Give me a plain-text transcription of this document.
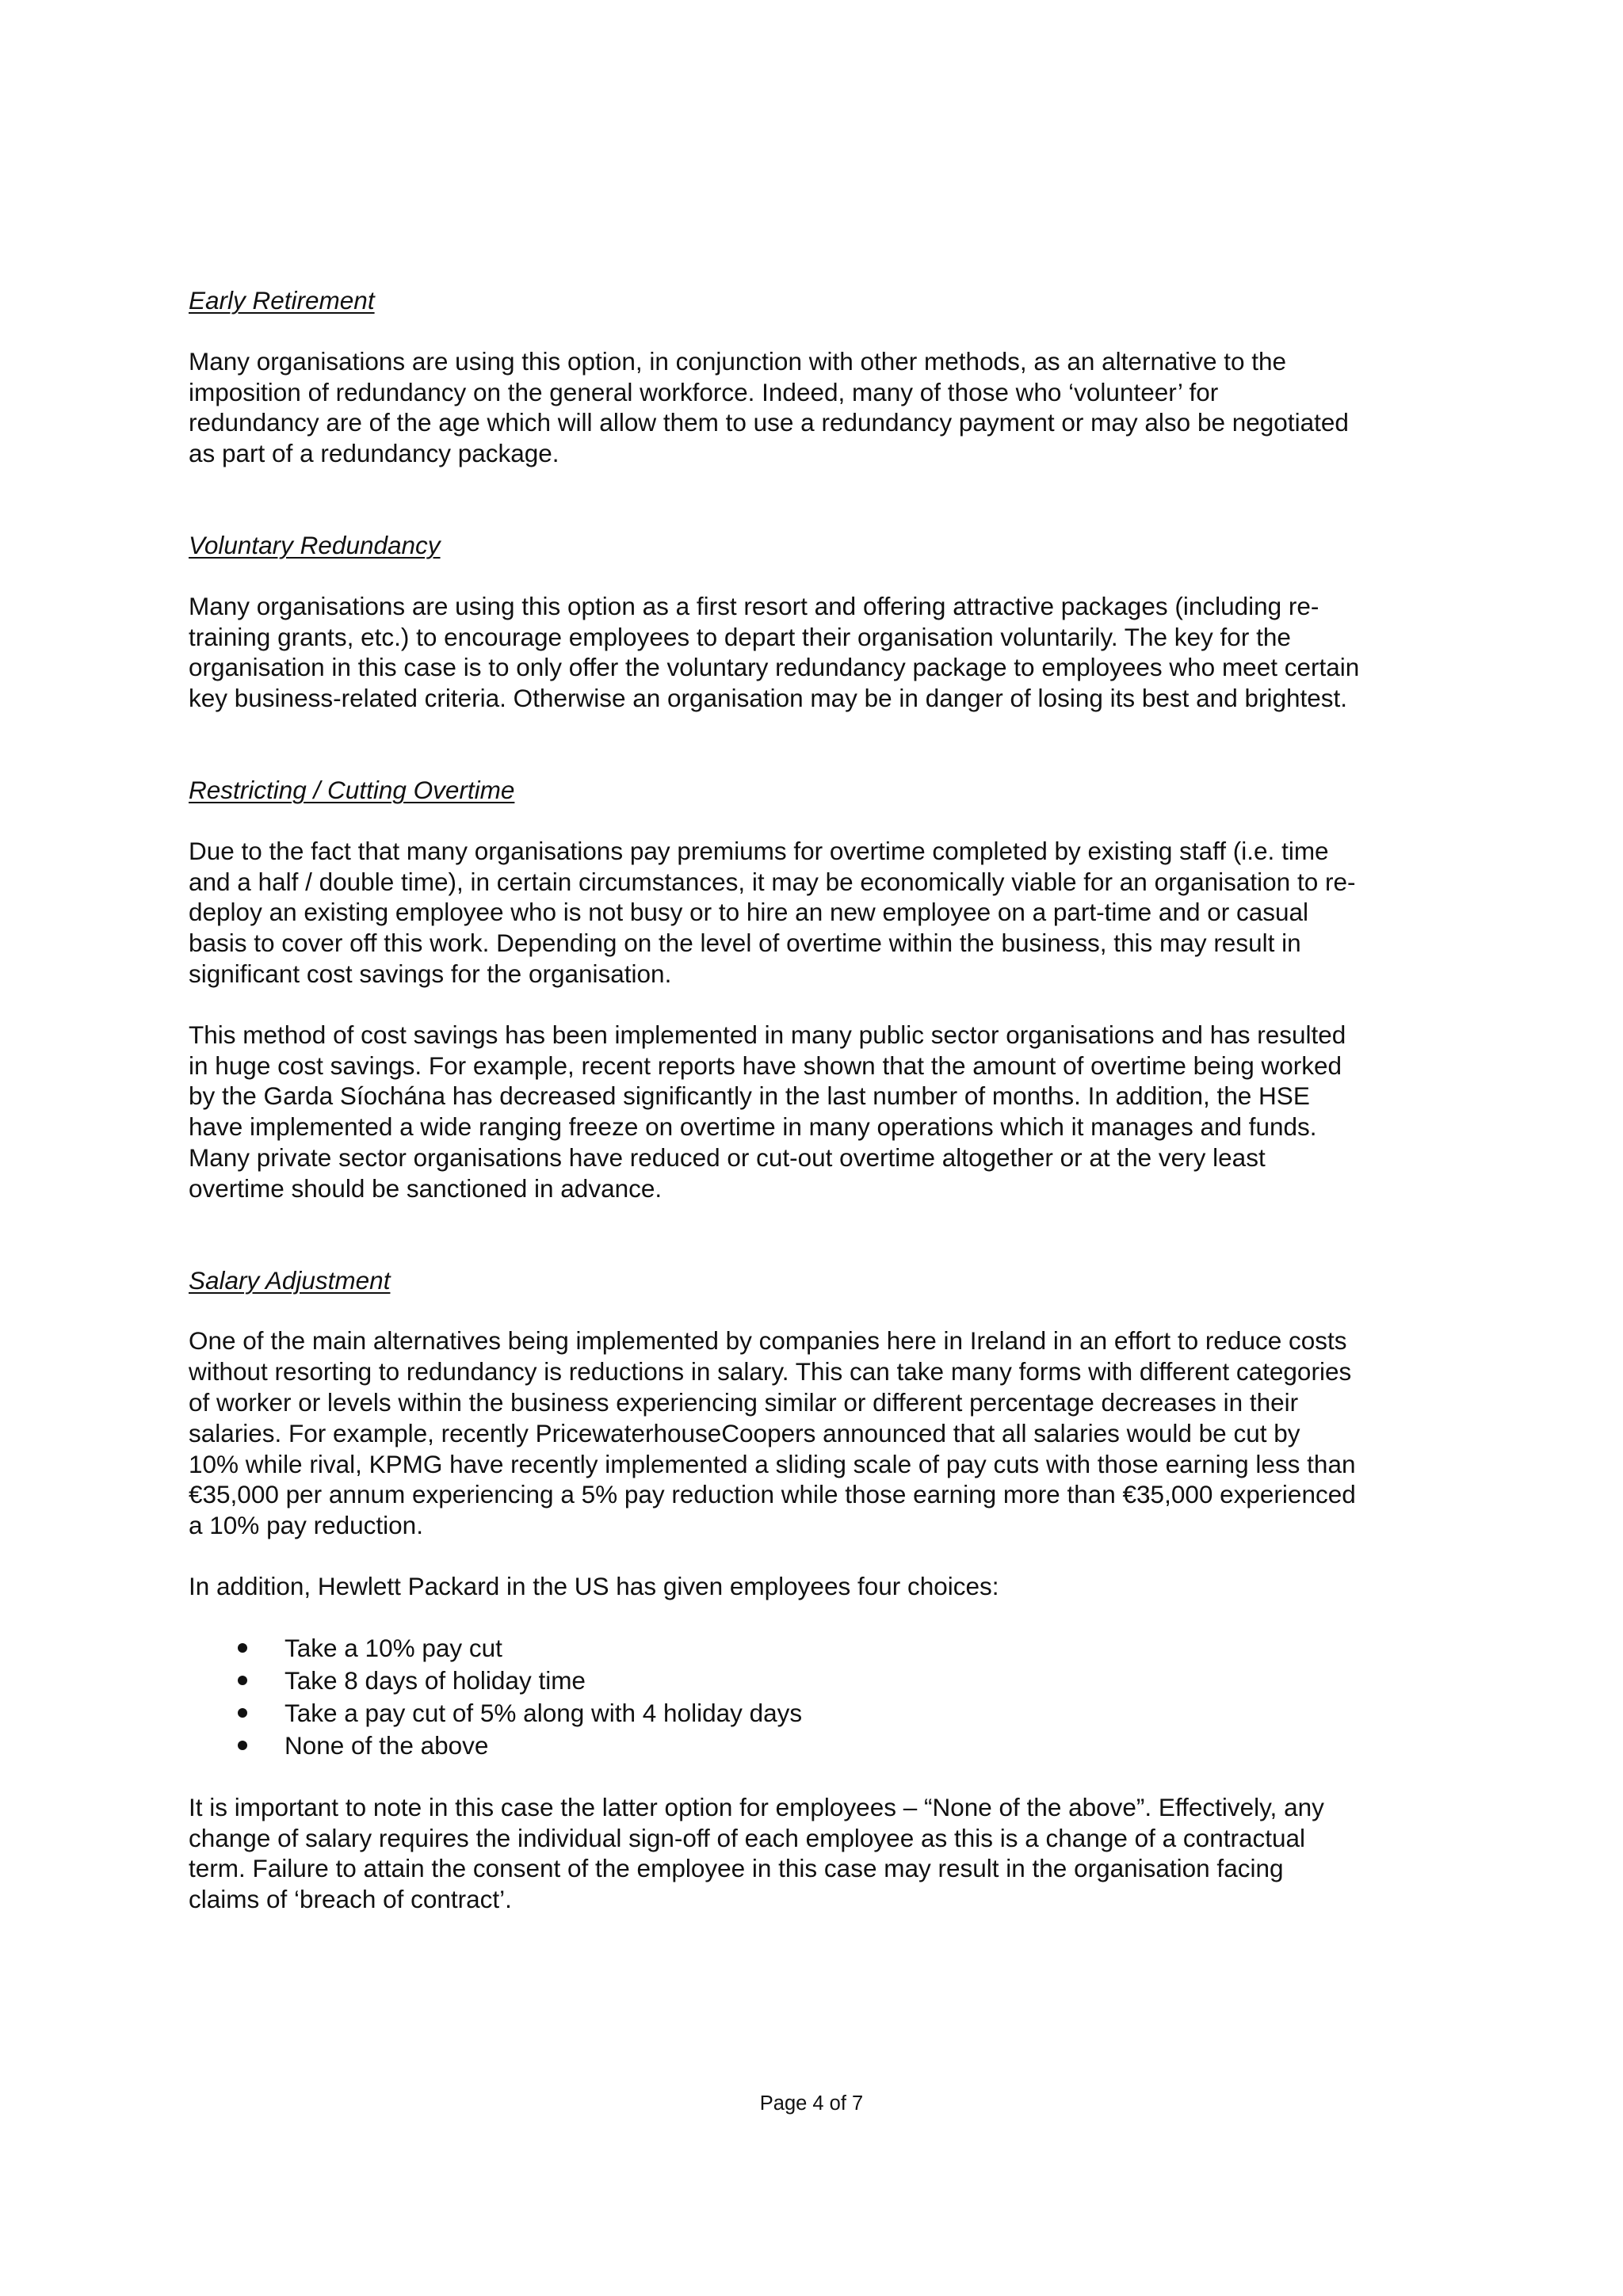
Early Retirement

Many organisations are using this option, in conjunction with other methods, as an alternative to the
imposition of redundancy on the general workforce. Indeed, many of those who ‘volunteer’ for
redundancy are of the age which will allow them to use a redundancy payment or may also be negotiated
as part of a redundancy package.

Voluntary Redundancy

Many organisations are using this option as a first resort and offering attractive packages (including re-
training grants, etc.) to encourage employees to depart their organisation voluntarily. The key for the
organisation in this case is to only offer the voluntary redundancy package to employees who meet certain
key business-related criteria. Otherwise an organisation may be in danger of losing its best and brightest.

Restricting / Cutting Overtime

Due to the fact that many organisations pay premiums for overtime completed by existing staff (i.e. time
and a half / double time), in certain circumstances, it may be economically viable for an organisation to re-
deploy an existing employee who is not busy or to hire an new employee on a part-time and or casual
basis to cover off this work. Depending on the level of overtime within the business, this may result in
significant cost savings for the organisation.

This method of cost savings has been implemented in many public sector organisations and has resulted
in huge cost savings. For example, recent reports have shown that the amount of overtime being worked
by the Garda Síochána has decreased significantly in the last number of months. In addition, the HSE
have implemented a wide ranging freeze on overtime in many operations which it manages and funds.
Many private sector organisations have reduced or cut-out overtime altogether or at the very least
overtime should be sanctioned in advance.

Salary Adjustment

One of the main alternatives being implemented by companies here in Ireland in an effort to reduce costs
without resorting to redundancy is reductions in salary. This can take many forms with different categories
of worker or levels within the business experiencing similar or different percentage decreases in their
salaries. For example, recently PricewaterhouseCoopers announced that all salaries would be cut by
10% while rival, KPMG have recently implemented a sliding scale of pay cuts with those earning less than
€35,000 per annum experiencing a 5% pay reduction while those earning more than €35,000 experienced
a 10% pay reduction.

In addition, Hewlett Packard in the US has given employees four choices:

Take a 10% pay cut
Take 8 days of holiday time
Take a pay cut of 5% along with 4 holiday days
None of the above

It is important to note in this case the latter option for employees – “None of the above”. Effectively, any
change of salary requires the individual sign-off of each employee as this is a change of a contractual
term. Failure to attain the consent of the employee in this case may result in the organisation facing
claims of ‘breach of contract’.

Page 4 of 7
